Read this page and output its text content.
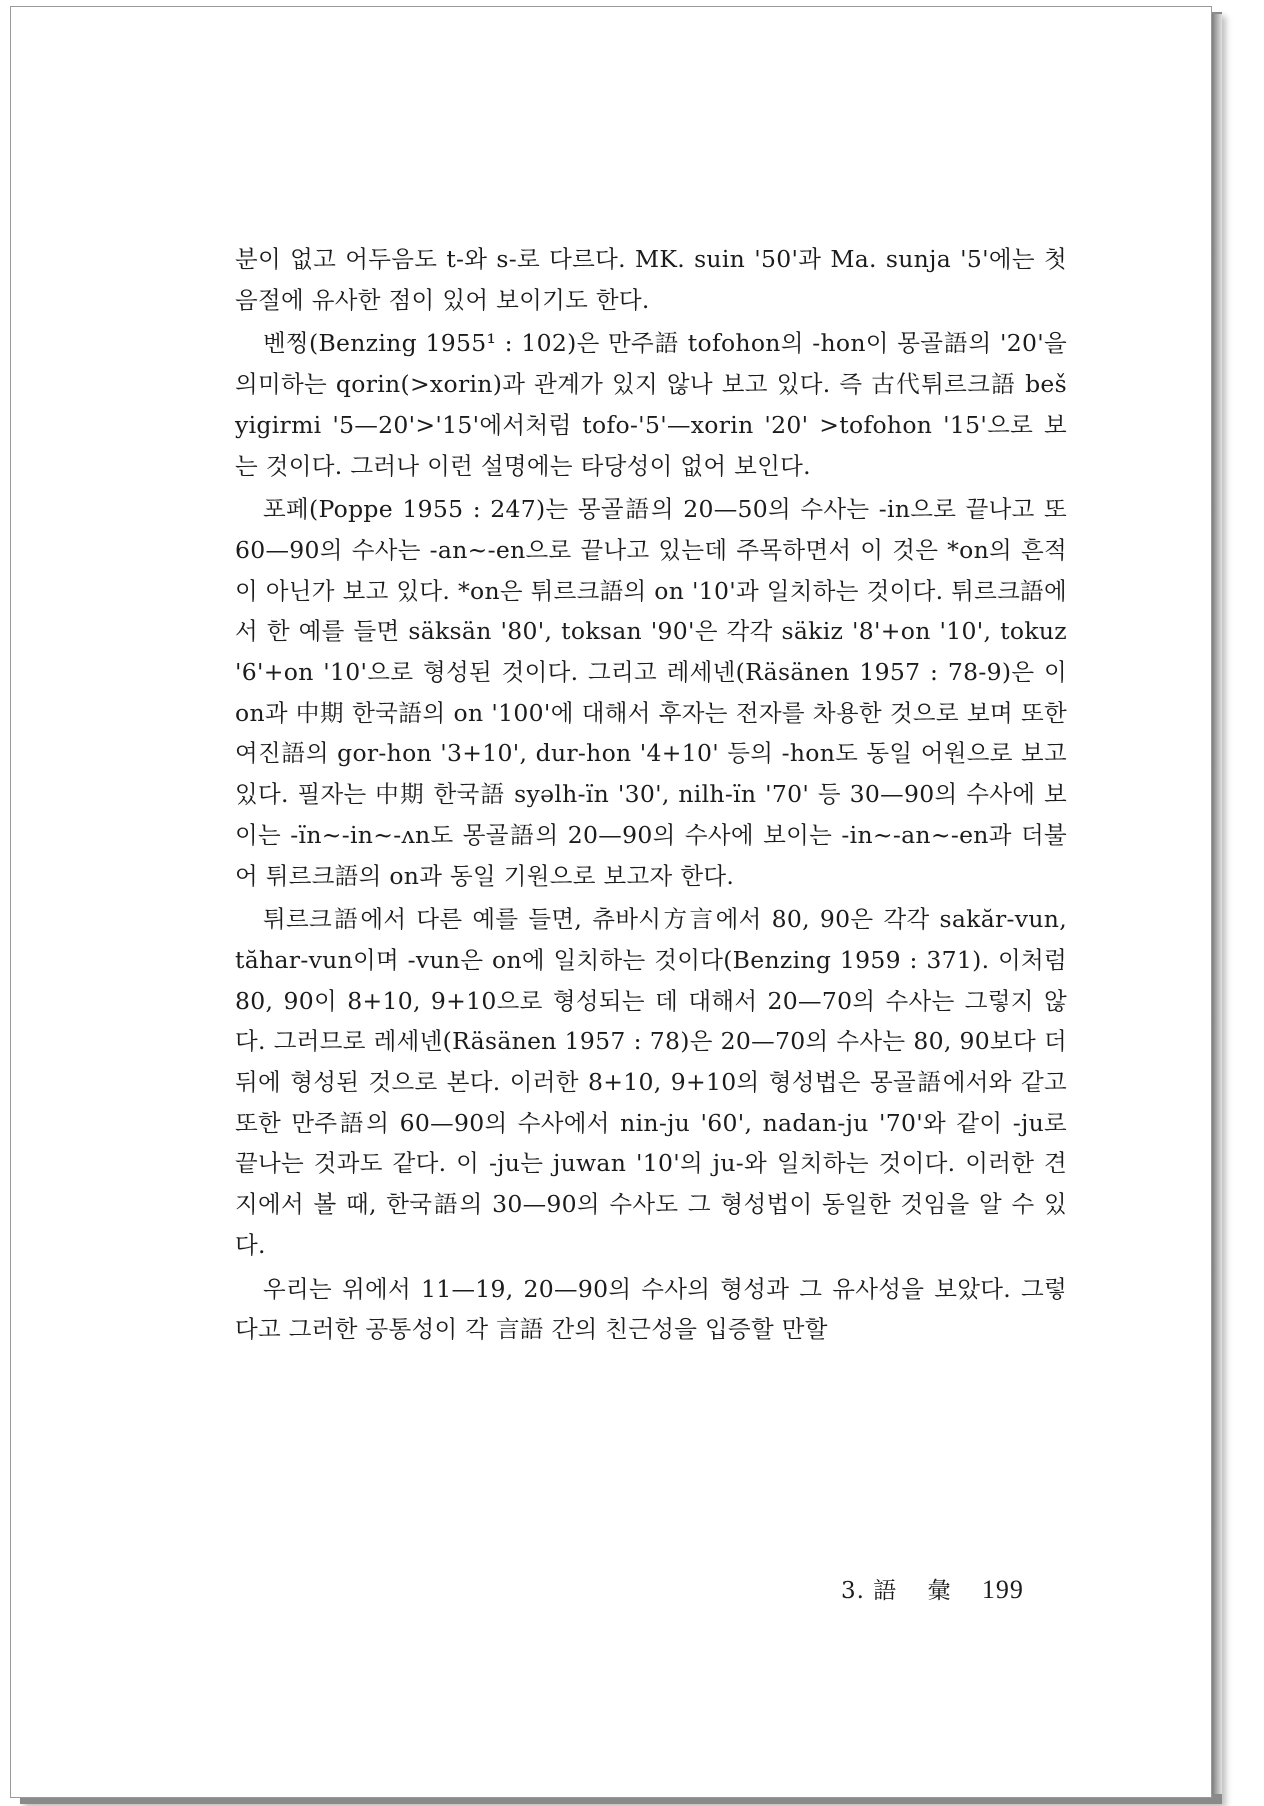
분이 없고 어두음도 t-와 s-로 다르다. MK. suin '50'과 Ma. sunja '5'에는 첫 음절에 유사한 점이 있어 보이기도 한다.

벤찡(Benzing 1955¹ : 102)은 만주語 tofohon의 -hon이 몽골語의 '20'을 의미하는 qorin(>xorin)과 관계가 있지 않나 보고 있다. 즉 古代튀르크語 beš yigirmi '5—20'>'15'에서처럼 tofo-'5'—xorin '20' >tofohon '15'으로 보는 것이다. 그러나 이런 설명에는 타당성이 없어 보인다.

포페(Poppe 1955 : 247)는 몽골語의 20—50의 수사는 -in으로 끝나고 또 60—90의 수사는 -an~-en으로 끝나고 있는데 주목하면서 이 것은 *on의 흔적이 아닌가 보고 있다. *on은 튀르크語의 on '10'과 일치하는 것이다. 튀르크語에서 한 예를 들면 säksän '80', toksan '90'은 각각 säkiz '8'+on '10', tokuz '6'+on '10'으로 형성된 것이다. 그리고 레세넨(Räsänen 1957 : 78-9)은 이 on과 中期 한국語의 on '100'에 대해서 후자는 전자를 차용한 것으로 보며 또한 여진語의 gor-hon '3+10', dur-hon '4+10' 등의 -hon도 동일 어원으로 보고 있다. 필자는 中期 한국語 syəlh-ïn '30', nilh-ïn '70' 등 30—90의 수사에 보이는 -ïn~-in~-ʌn도 몽골語의 20—90의 수사에 보이는 -in~-an~-en과 더불어 튀르크語의 on과 동일 기원으로 보고자 한다.

튀르크語에서 다른 예를 들면, 츄바시方言에서 80, 90은 각각 sakăr-vun, tăhar-vun이며 -vun은 on에 일치하는 것이다(Benzing 1959 : 371). 이처럼 80, 90이 8+10, 9+10으로 형성되는 데 대해서 20—70의 수사는 그렇지 않다. 그러므로 레세넨(Räsänen 1957 : 78)은 20—70의 수사는 80, 90보다 더 뒤에 형성된 것으로 본다. 이러한 8+10, 9+10의 형성법은 몽골語에서와 같고 또한 만주語의 60—90의 수사에서 nin-ju '60', nadan-ju '70'와 같이 -ju로 끝나는 것과도 같다. 이 -ju는 juwan '10'의 ju-와 일치하는 것이다. 이러한 견지에서 볼 때, 한국語의 30—90의 수사도 그 형성법이 동일한 것임을 알 수 있다.

우리는 위에서 11—19, 20—90의 수사의 형성과 그 유사성을 보았다. 그렇다고 그러한 공통성이 각 言語 간의 친근성을 입증할 만할

3. 語 彙 199
